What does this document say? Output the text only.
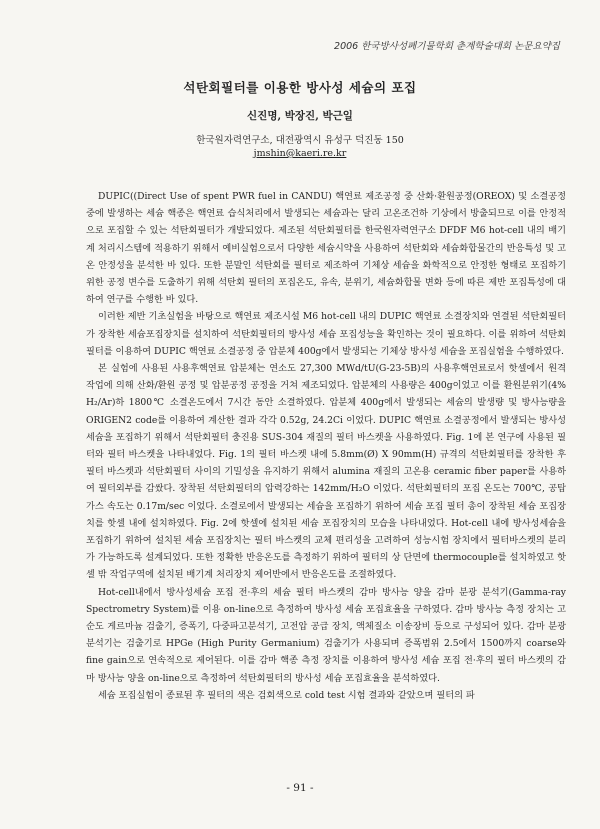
2006 한국방사성폐기물학회 춘계학술대회 논문요약집
석탄회필터를 이용한 방사성 세슘의 포집
신진명, 박장진, 박근일
한국원자력연구소, 대전광역시 유성구 덕진동 150
jmshin@kaeri.re.kr

DUPIC((Direct Use of spent PWR fuel in CANDU) 핵연료 제조공정 중 산화·환원공정(OREOX) 및 소결공정 중에 발생하는 세슘 핵종은 핵연료 습식처리에서 발생되는 세슘과는 달리 고온조건하 기상에서 방출되므로 이를 안정적으로 포집할 수 있는 석탄회필터가 개발되었다. 제조된 석탄회필터를 한국원자력연구소 DFDF M6 hot-cell 내의 배기계 처리시스템에 적용하기 위해서 예비실험으로서 다양한 세슘시약을 사용하여 석탄회와 세슘화합물간의 반응특성 및 고온 안정성을 분석한 바 있다. 또한 분말인 석탄회를 필터로 제조하여 기체상 세슘을 화학적으로 안정한 형태로 포집하기 위한 공정 변수를 도출하기 위해 석탄회 필터의 포집온도, 유속, 분위기, 세슘화합물 변화 등에 따른 제반 포집특성에 대하여 연구를 수행한 바 있다.

이러한 제반 기초실험을 바탕으로 핵연료 제조시설 M6 hot-cell 내의 DUPIC 핵연료 소결장치와 연결된 석탄회필터가 장착한 세슘포집장치를 설치하여 석탄회필터의 방사성 세슘 포집성능을 확인하는 것이 필요하다. 이를 위하여 석탄회필터를 이용하여 DUPIC 핵연료 소결공정 중 압분체 400g에서 발생되는 기체상 방사성 세슘을 포집실험을 수행하였다.

본 실험에 사용된 사용후핵연료 압분체는 연소도 27,300 MWd/tU(G-23-5B)의 사용후핵연료로서 핫셀에서 원격 작업에 의해 산화/환원 공정 및 압분공정 공정을 거쳐 제조되었다. 압분체의 사용량은 400g이었고 이를 환원분위기(4% H₂/Ar)하 1800℃ 소결온도에서 7시간 동안 소결하였다. 압분체 400g에서 발생되는 세슘의 발생량 및 방사능량을 ORIGEN2 code를 이용하여 계산한 결과 각각 0.52g, 24.2Ci 이었다. DUPIC 핵연료 소결공정에서 발생되는 방사성 세슘을 포집하기 위해서 석탄회필터 충진용 SUS-304 재질의 필터 바스켓을 사용하였다. Fig. 1에 본 연구에 사용된 필터와 필터 바스켓을 나타내었다. Fig. 1의 필터 바스켓 내에 5.8mm(Ø) X 90mm(H) 규격의 석탄회필터를 장착한 후 필터 바스켓과 석탄회필터 사이의 기밀성을 유지하기 위해서 alumina 재질의 고온용 ceramic fiber paper를 사용하여 필터외부를 감쌌다. 장착된 석탄회필터의 압력강하는 142mm/H₂O 이었다. 석탄회필터의 포집 온도는 700℃, 공탑 가스 속도는 0.17m/sec 이었다. 소결로에서 발생되는 세슘을 포집하기 위하여 세슘 포집 필터 총이 장착된 세슘 포집장치를 핫셀 내에 설치하였다. Fig. 2에 핫셀에 설치된 세슘 포집장치의 모습을 나타내었다. Hot-cell 내에 방사성세슘을 포집하기 위하여 설치된 세슘 포집장치는 필터 바스켓의 교체 편리성을 고려하여 성능시험 장치에서 필터바스켓의 분리가 가능하도록 설계되었다. 또한 정확한 반응온도를 측정하기 위하여 필터의 상 단면에 thermocouple를 설치하였고 핫셀 밖 작업구역에 설치된 배기계 처리장치 제어반에서 반응온도를 조절하였다.

Hot-cell내에서 방사성세슘 포집 전·후의 세슘 필터 바스켓의 감마 방사능 양을 감마 분광 분석기(Gamma-ray Spectrometry System)를 이용 on-line으로 측정하여 방사성 세슘 포집효율을 구하였다. 감마 방사능 측정 장치는 고순도 게르마늄 검출기, 증폭기, 다중파고분석기, 고전압 공급 장치, 액체질소 이송장비 등으로 구성되어 있다. 감마 분광 분석기는 검출기로 HPGe (High Purity Germanium) 검출기가 사용되며 증폭범위 2.5에서 1500까지 coarse와 fine gain으로 연속적으로 제어된다. 이를 감마 핵종 측정 장치를 이용하여 방사성 세슘 포집 전·후의 필터 바스켓의 감마 방사능 양을 on-line으로 측정하여 석탄회필터의 방사성 세슘 포집효율을 분석하였다.

세슘 포집실험이 종료된 후 필터의 색은 검회색으로 cold test 시험 결과와 같았으며 필터의 파

- 91 -
